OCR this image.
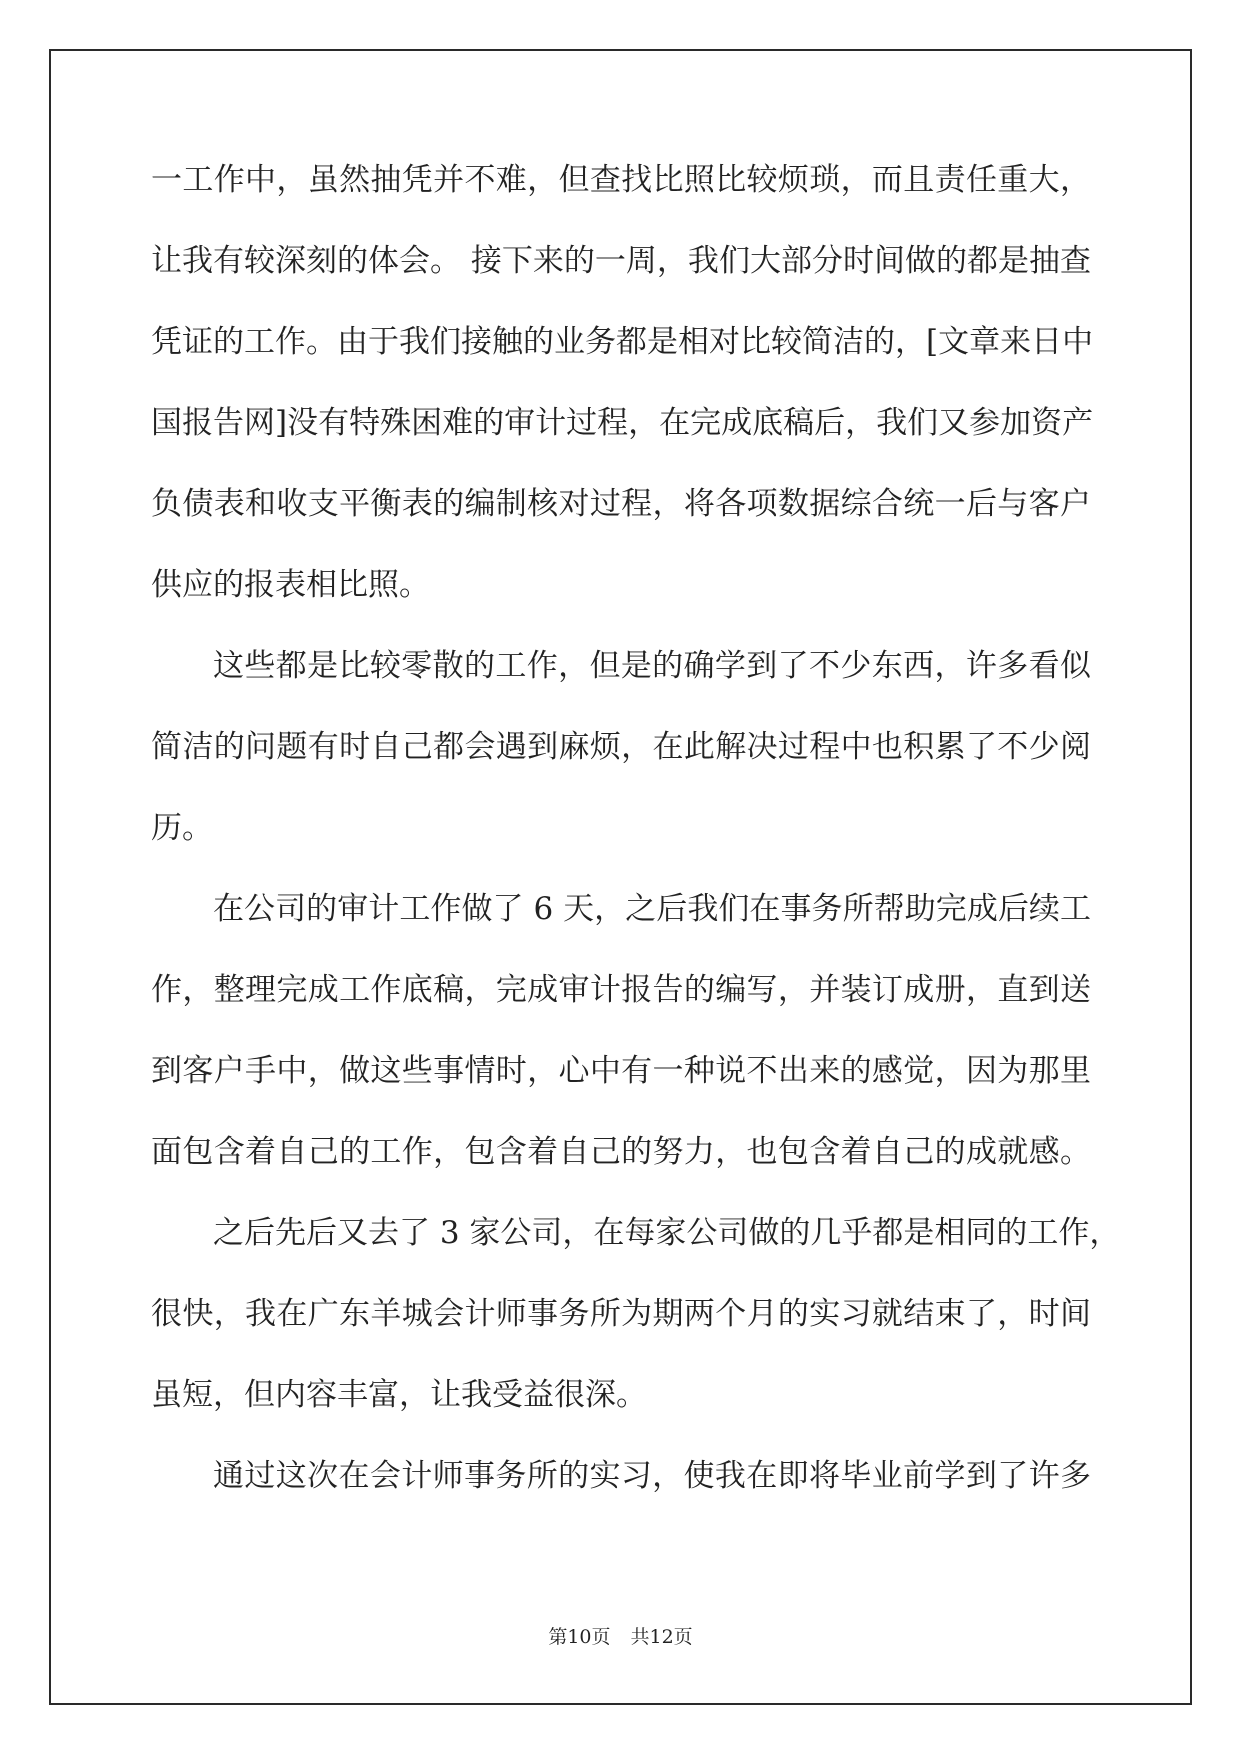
一工作中，虽然抽凭并不难，但查找比照比较烦琐，而且责任重大，
让我有较深刻的体会。 接下来的一周，我们大部分时间做的都是抽查
凭证的工作。由于我们接触的业务都是相对比较简洁的，[文章来日中
国报告网]没有特殊困难的审计过程，在完成底稿后，我们又参加资产
负债表和收支平衡表的编制核对过程，将各项数据综合统一后与客户
供应的报表相比照。
这些都是比较零散的工作，但是的确学到了不少东西，许多看似
简洁的问题有时自己都会遇到麻烦，在此解决过程中也积累了不少阅
历。
在公司的审计工作做了 6 天，之后我们在事务所帮助完成后续工
作，整理完成工作底稿，完成审计报告的编写，并装订成册，直到送
到客户手中，做这些事情时，心中有一种说不出来的感觉，因为那里
面包含着自己的工作，包含着自己的努力，也包含着自己的成就感。
之后先后又去了 3 家公司，在每家公司做的几乎都是相同的工作，
很快，我在广东羊城会计师事务所为期两个月的实习就结束了，时间
虽短，但内容丰富，让我受益很深。
通过这次在会计师事务所的实习，使我在即将毕业前学到了许多
第10页 共12页
